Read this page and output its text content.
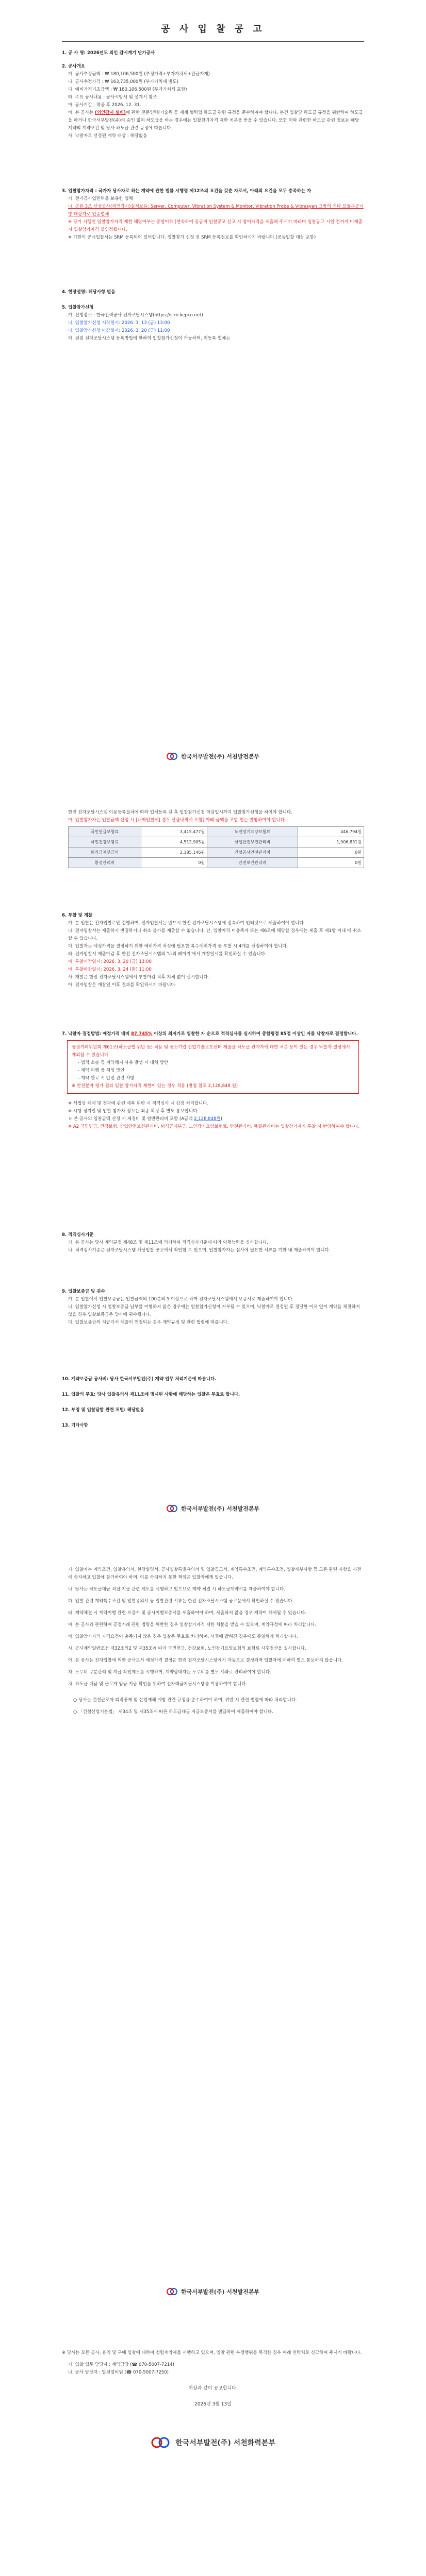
공 사 입 찰 공 고

1. 공 사 명: 2026년도 외인 감시계기 단가공사

2. 공사개요

가. 공사추정금액 : ₩ 180,106,500원 (추정가격+부가가치세+관급자재)

나. 공사추정가격 : ₩ 163,735,000원 (부가가치세 별도)

다. 예비가격기초금액 : ₩ 180,106,500원 (부가가치세 포함)

라. 주요 공사내용 : 공사시방서 및 설계서 참조

마. 공사기간 : 착공 후 2026. 12. 31.

바. 본 공사는 (외인감시 설비)에 관한 전문인력(기술원 등 제재 협력업 하도급 관련 규정을 준수하여야 합니다. 본건 입찰당 하도급 규정을 위반하여 하도급을 하거나 한국서부발전(주)의 승인 없이 하도급을 하는 경우에는 입찰참가자격 제한 처분을 받을 수 있습니다. 또한 이와 관련한 하도급 관련 정보는 해당 계약의 계약조건 및 당사 하도급 관련 규정에 따릅니다.

사. 낙찰자로 선정된 계약 대상 : 해당없음

3. 입찰참가자격 : 국가자 당사자로 하는 계약에 관한 법률 시행령 제12조의 요건을 갖춘 자로서, 아래의 요건을 모두 충족하는 자

가. 전기공사업면허를 보유한 업체

나. 공본 3즈 신성공사(외인감시)실적보유: Server, Computer, Vibration System & Monitor, Vibration Probe & Vibrasyan 그밖의 기타 모듈구공시항 대상자로 인증업체

※ 당기 시행인 입찰참가자격 제한 해당여부는 종합이하 (연속하여 공급이 입찰공고 신고 시 참여자격을 제출해 주시기 바라며 입찰공고 시일 전까지 미제출 시 입찰참가자격 불인정됩니다.

※ 가한이 공시입찰서는 SRM 등록되어 있어합니다. 입찰참가 신청 전 SRM 등록정보를 확인하시기 바랍니다.(공동입찰 대상 포함)

4. 현장설명: 해당사항 없음

5. 입찰참가신청

가. 신청장소 : 한국전력공사 전자조달시스템(https://srm.kepco.net)

나. 입찰참가신청 시작일시: 2026. 3. 13 (금) 13:00

다. 입찰참가신청 마감일시: 2026. 3. 20 (금) 11:00

라. 전원 전자조달시스템 등록방법에 한하여 입찰참가신청이 가능하며, 미등록 업체는

한국서부발전(주) 서천발전본부

한전 전자조달시스템 이용등록절차에 따라 업체등록 된 후 입찰참가신청 마감일시까지 입찰참가신청을 하여야 합니다.

마. 입찰참가자는 입찰금액 산정 시 [내역입찰제] 경우 산출내역서 포함] 아래 금액을 포함 입는 반영하여야 합니다.

국민연금보험료	3,415,477원	노인장기요양보험료	446,794원
국민건강보험료	4,512,905원	산업안전보건관리비	1,906,831원
퇴직금재부금비	2,185,146원	건설공사안전관리비	0원
환경관리비	0원	안전보건관리비	0원

6. 투찰 및 개찰

가. 본 입찰은 전자입찰로만 집행하며, 전자입찰서는 반드시 한전 전자조달시스템에 접속하여 인터넷으로 제출하여야 합니다.

나. 전자입찰서는 제출하시 변경하거나 취소 불가를 제출할 수 없습니다. 단, 입찰자격 미충족자 또는 제6조에 해당할 경우에는 제출 후 제1항 이내 에 취소할 수 있습니다.

다. 입찰자는 예정가격을 결정하기 위한 예비가격 작성에 필요한 복수예비가격 중 투찰 시 4개를 선정하여야 합니다.

라. 전자입찰서 제출마감 후 한전 전자조달시스템의 '나의 페이지'에서 개찰일시를 확인하실 수 있습니다.

마. 투찰시작일시: 2026. 3. 20 (금) 13:00

바. 투찰마감일시: 2026. 3. 24 (화) 11:00

사. 개찰은 한전 전자조달시스템에서 투찰마감 직후 지체 없이 실시합니다.

아. 전자입찰은 개찰일 이후 결과를 확인하시기 바랍니다.

7. 낙찰자 결정방법: 예정가격 대비 87.745% 이상의 최저가로 입찰한 자 순으로 적격심사를 실시하여 종합평점 85점 이상인 자를 낙찰자로 결정합니다.

공정거래위원회 제61조(하도급법 위반 등) 적용 및 중소기업 산업기술보호센터 제출을 하도급 관계자에 대한 처분 등이 있는 경우 낙찰자 결정에서 제외될 수 있습니다.

- 법적 소송 등 계약해지 사유 발생 시 대처 방안

- 계약 이행 중 책임 방안

- 계약 완료 시 안전 관련 사항

※ 안전분야 평가 결과 입찰 참가자격 제한이 있는 경우 적용 (별첨 참조 2,128,848 원)

※ 세법상 체제 및 청과에 관련 세목 위반 시 적격심사 시 감점 처리합니다.

※ 시행 정지일 및 입찰 참가자 정보는 최종 확정 후 별도 통보합니다.

ㅇ 본 공사의 입찰금액 산정 시 제경비 및 일반관리비 포함 (A금액 2,128,848원)

※ A2 국민연금, 건강보험, 산업안전보건관리비, 퇴직공제부금, 노인장기요양보험료, 안전관리비, 품질관리비는 입찰참가자가 투찰 시 반영하여야 합니다.

8. 적격심사기준

가. 본 공사는 당사 계약규정 제48조 및 제11조에 의거하여 적격심사기준에 따라 이행능력을 심사합니다.
나. 적격심사기준은 전자조달시스템 해당입찰 공고에서 확인할 수 있으며, 입찰참가자는 심사에 필요한 서류를 기한 내 제출하여야 합니다.

9. 입찰보증금 및 귀속

가. 본 입찰에서 입찰보증금은 입찰금액의 100분의 5 이상으로 하며 전자조달시스템에서 보증서로 제출하여야 합니다.

나. 입찰참가신청 시 입찰보증금 납부를 이행하지 않은 경우에는 입찰참가신청이 거부될 수 있으며, 낙찰자로 결정된 후 정당한 이유 없이 계약을 체결하지 않을 경우 입찰보증금은 당사에 귀속됩니다.

다. 입찰보증금의 지급각서 제출이 인정되는 경우 계약규정 및 관련 법령에 따릅니다.

10. 계약보증금 공사비: 당사 한국서부발전(주) 계약 업무 처리기준에 따릅니다.

11. 입찰의 무효: 당사 입찰유의서 제11조에 명시된 사항에 해당하는 입찰은 무효로 합니다.

12. 부정 및 입찰담합 관련 처벌: 해당없음

13. 기타사항

한국서부발전(주) 서천발전본부

가. 입찰자는 계약조건, 입찰유의서, 현장설명서, 공사입찰특별유의서 및 입찰공고서, 계약특수조건, 계약특수조건, 입찰세부사항 등 모든 관련 사항을 사전에 숙지하고 입찰에 참가하여야 하며, 이를 숙지하지 못한 책임은 입찰자에게 있습니다.

나. 당사는 하도급대금 직접 지급 관련 제도를 시행하고 있으므로 계약 체결 시 하도급계약서를 제출하여야 합니다.

다. 입찰 관련 계약특수조건 및 입찰유의서 등 입찰관련 서류는 한전 전자조달시스템 공고문에서 확인하실 수 있습니다.

라. 계약체결 시 계약이행 관련 보증서 및 공사이행보증서를 제출하여야 하며, 제출하지 않을 경우 계약이 해제될 수 있습니다.

마. 본 공사와 관련하여 공정거래 관련 법령을 위반한 경우 입찰참가자격 제한 처분을 받을 수 있으며, 계약규정에 따라 처리합니다.

바. 입찰참가자의 자격요건이 충족되지 않은 경우 입찰은 무효로 처리하며, 사후에 밝혀진 경우에도 동일하게 처리합니다.

사. 공사계약일반조건 제32조의2 및 제35조에 따라 국민연금, 건강보험, 노인장기요양보험의 보험료 사후정산을 실시합니다.

아. 본 공사는 전자입찰에 의한 공사로서 예정가격 결정은 한전 전자조달시스템에서 자동으로 결정되며 입찰자에 대하여 별도 통보하지 않습니다.

자. 노무비 구분관리 및 지급 확인제도를 시행하며, 계약상대자는 노무비를 별도 계좌로 관리하여야 합니다.

차. 하도급 대금 및 근로자 임금 지급 확인을 위하여 전자대금지급시스템을 이용하여야 합니다.

○ 당사는 건설근로자 퇴직공제 및 산업재해 예방 관련 규정을 준수하여야 하며, 위반 시 관련 법령에 따라 처리합니다.

○ 「건설산업기본법」 제34조 및 제35조에 따른 하도급대금 지급보증서를 발급하여 제출하여야 합니다.

한국서부발전(주) 서천발전본부

※ 당사는 모든 공사, 용역 및 구매 입찰에 대하여 청렴계약제를 시행하고 있으며, 입찰 관련 부정행위를 목격한 경우 아래 연락처로 신고하여 주시기 바랍니다.

가. 입찰 업무 담당자 : 계약담당 (☎ 070-5007-7214)

나. 공사 담당자 : 발전설비팀 (☎ 070-5007-7250)

이상과 같이 공고합니다.

2026년 3월 13일

한국서부발전(주) 서천화력본부
